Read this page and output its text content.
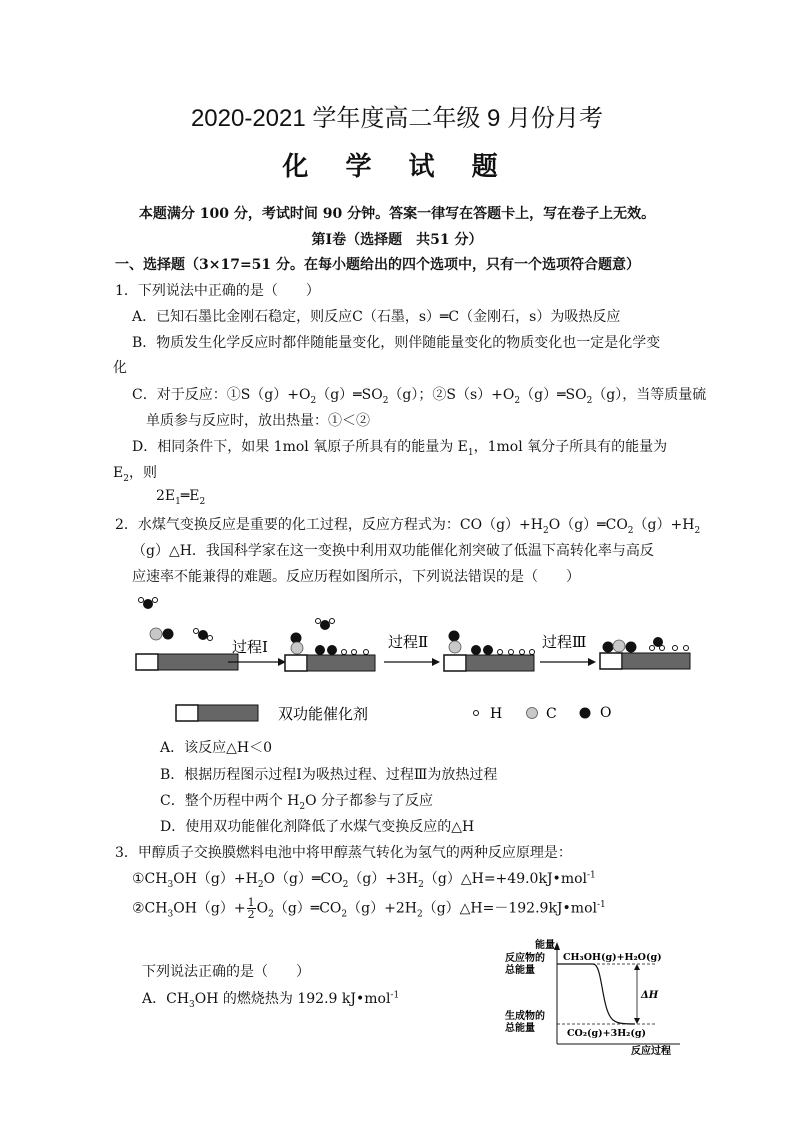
2020-2021 学年度高二年级 9 月份月考
化 学 试 题
本题满分 100 分，考试时间 90 分钟。答案一律写在答题卡上，写在卷子上无效。
第Ⅰ卷（选择题　共51 分）
一、选择题（3×17=51 分。在每小题给出的四个选项中，只有一个选项符合题意）
1．下列说法中正确的是（　　）
A．已知石墨比金刚石稳定，则反应C（石墨，s）═C（金刚石，s）为吸热反应
B．物质发生化学反应时都伴随能量变化，则伴随能量变化的物质变化也一定是化学变
化
C．对于反应：$①S(g)+O_2(g)═SO_2(g)$；$②S(s)+O_2(g)═SO_2(g)$，当等质量硫
单质参与反应时，放出热量：①＜②
D．相同条件下，如果 1mol 氧原子所具有的能量为 $E_1$，1mol 氧分子所具有的能量为
$E_2$，则
$2E_1═E_2$
2．水煤气变换反应是重要的化工过程，反应方程式为：$CO(g)+H_2O(g)═CO_2(g)+H_2$
（g）△H．我国科学家在这一变换中利用双功能催化剂突破了低温下高转化率与高反
应速率不能兼得的难题。反应历程如图所示，下列说法错误的是（　　）
过程Ⅰ	过程Ⅱ	过程Ⅲ
双功能催化剂	H	C	O
A．该反应△H＜0
B．根据历程图示过程Ⅰ为吸热过程、过程Ⅲ为放热过程
C．整个历程中两个 $H_2O$ 分子都参与了反应
D．使用双功能催化剂降低了水煤气变换反应的△H
3．甲醇质子交换膜燃料电池中将甲醇蒸气转化为氢气的两种反应原理是：
$①CH_3OH(g)+H_2O(g)═CO_2(g)+3H_2(g)\triangle H=+49.0kJ•mol^{-1}$
$②CH_3OH(g)+ \frac{1}{2}$ $O_2(g)═CO_2(g)+2H_2(g)\triangle H=-192.9kJ•mol^{-1}$
下列说法正确的是（　　）
A．$CH_3OH$ 的燃烧热为 192.9 kJ•mol$^{-1}$
能量
反应物的
总能量
生成物的
总能量
CH₃OH(g)+H₂O(g)
CO₂(g)+3H₂(g)
ΔH
反应过程
